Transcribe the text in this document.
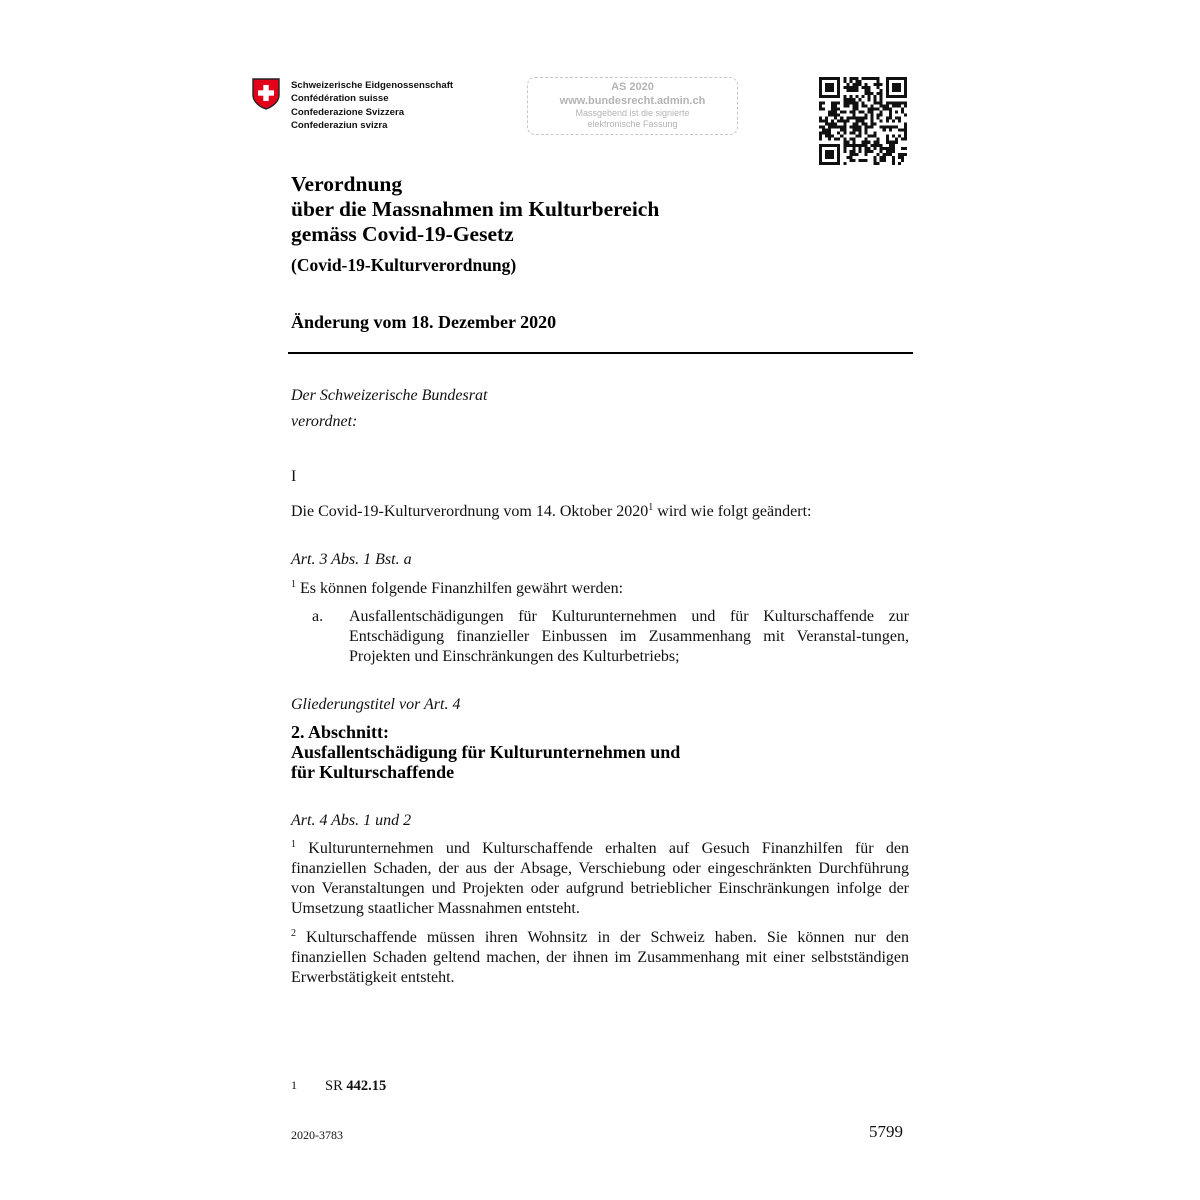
Schweizerische Eidgenossenschaft
Confédération suisse
Confederazione Svizzera
Confederaziun svizra
AS 2020
www.bundesrecht.admin.ch
Massgebend ist die signierte
elektronische Fassung
Verordnung
über die Massnahmen im Kulturbereich
gemäss Covid-19-Gesetz
(Covid-19-Kulturverordnung)
Änderung vom 18. Dezember 2020
Der Schweizerische Bundesrat
verordnet:
I
Die Covid-19-Kulturverordnung vom 14. Oktober 2020$^1$ wird wie folgt geändert:
Art. 3 Abs. 1 Bst. a
$^1$ Es können folgende Finanzhilfen gewährt werden:
a. Ausfallentschädigungen für Kulturunternehmen und für Kulturschaffende zur Entschädigung finanzieller Einbussen im Zusammenhang mit Veranstal-tungen, Projekten und Einschränkungen des Kulturbetriebs;
Gliederungstitel vor Art. 4
2. Abschnitt:
Ausfallentschädigung für Kulturunternehmen und
für Kulturschaffende
Art. 4 Abs. 1 und 2
$^1$ Kulturunternehmen und Kulturschaffende erhalten auf Gesuch Finanzhilfen für den finanziellen Schaden, der aus der Absage, Verschiebung oder eingeschränkten Durchführung von Veranstaltungen und Projekten oder aufgrund betrieblicher Einschränkungen infolge der Umsetzung staatlicher Massnahmen entsteht.
$^2$ Kulturschaffende müssen ihren Wohnsitz in der Schweiz haben. Sie können nur den finanziellen Schaden geltend machen, der ihnen im Zusammenhang mit einer selbstständigen Erwerbstätigkeit entsteht.
1 SR 442.15
2020-3783	5799
